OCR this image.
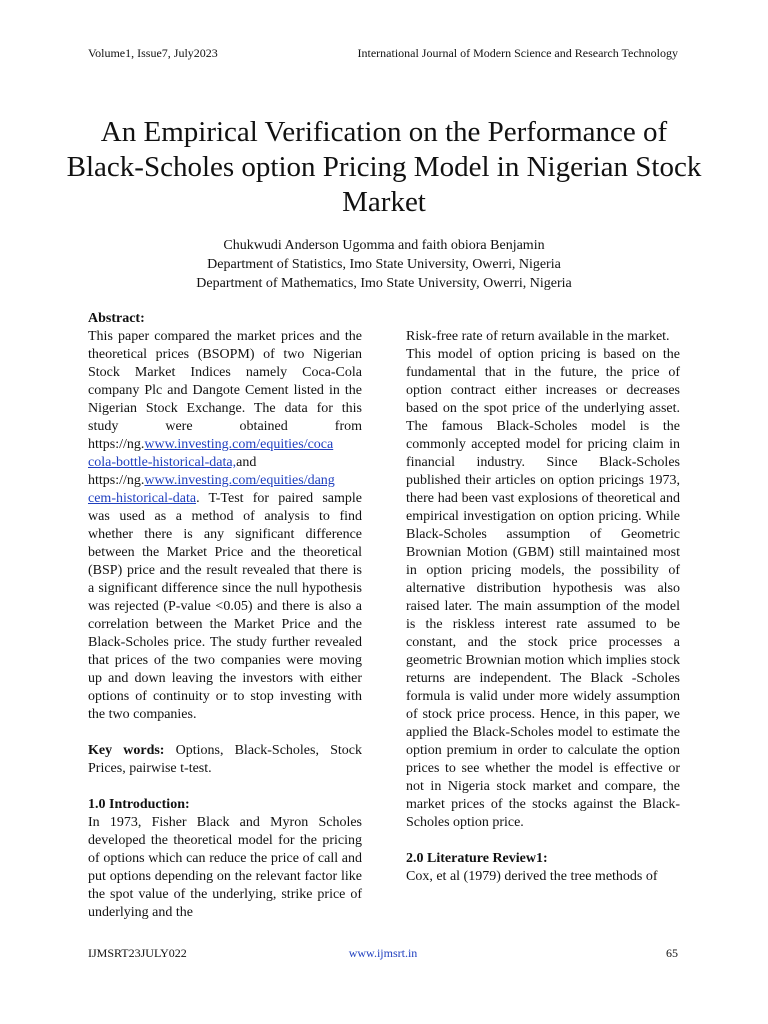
Volume1, Issue7, July2023	International Journal of Modern Science and Research Technology
An Empirical Verification on the Performance of Black-Scholes option Pricing Model in Nigerian Stock Market
Chukwudi Anderson Ugomma and faith obiora Benjamin
Department of Statistics, Imo State University, Owerri, Nigeria
Department of Mathematics, Imo State University, Owerri, Nigeria

Abstract:

This paper compared the market prices and the theoretical prices (BSOPM) of two Nigerian Stock Market Indices namely Coca-Cola company Plc and Dangote Cement listed in the Nigerian Stock Exchange. The data for this study were obtained from https://ng.www.investing.com/equities/coca cola-bottle-historical-data,and https://ng.www.investing.com/equities/dang cem-historical-data. T-Test for paired sample was used as a method of analysis to find whether there is any significant difference between the Market Price and the theoretical (BSP) price and the result revealed that there is a significant difference since the null hypothesis was rejected (P-value <0.05) and there is also a correlation between the Market Price and the Black-Scholes price. The study further revealed that prices of the two companies were moving up and down leaving the investors with either options of continuity or to stop investing with the two companies.

Key words: Options, Black-Scholes, Stock Prices, pairwise t-test.

1.0 Introduction:

In 1973, Fisher Black and Myron Scholes developed the theoretical model for the pricing of options which can reduce the price of call and put options depending on the relevant factor like the spot value of the underlying, strike price of underlying and the

Risk-free rate of return available in the market.

This model of option pricing is based on the fundamental that in the future, the price of option contract either increases or decreases based on the spot price of the underlying asset. The famous Black-Scholes model is the commonly accepted model for pricing claim in financial industry. Since Black-Scholes published their articles on option pricings 1973, there had been vast explosions of theoretical and empirical investigation on option pricing. While Black-Scholes assumption of Geometric Brownian Motion (GBM) still maintained most in option pricing models, the possibility of alternative distribution hypothesis was also raised later. The main assumption of the model is the riskless interest rate assumed to be constant, and the stock price processes a geometric Brownian motion which implies stock returns are independent. The Black -Scholes formula is valid under more widely assumption of stock price process. Hence, in this paper, we applied the Black-Scholes model to estimate the option premium in order to calculate the option prices to see whether the model is effective or not in Nigeria stock market and compare, the market prices of the stocks against the Black-Scholes option price.

2.0 Literature Review1:

Cox, et al (1979) derived the tree methods of

IJMSRT23JULY022	www.ijmsrt.in	65
